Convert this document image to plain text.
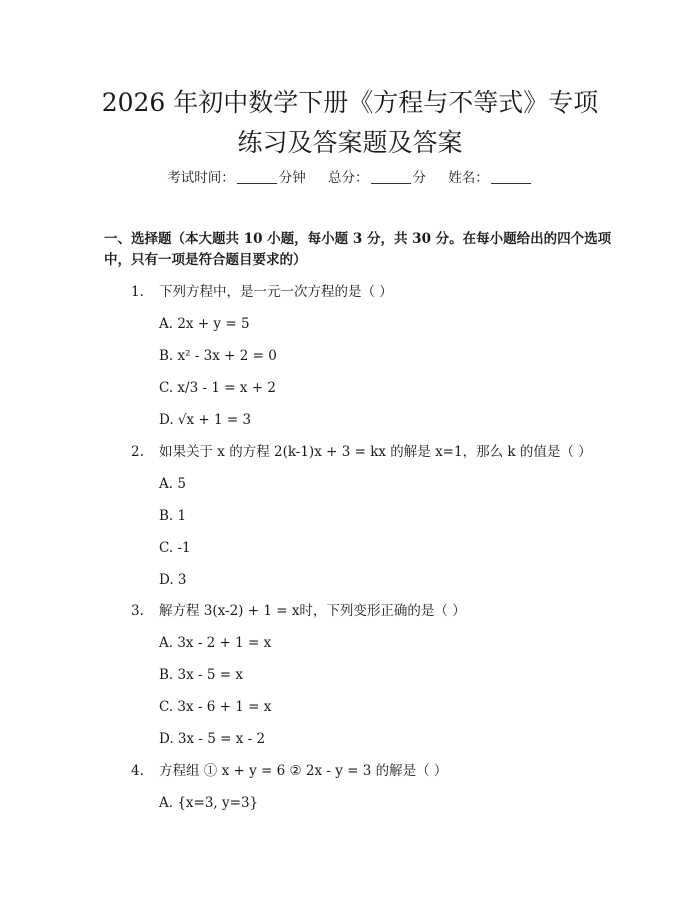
2026 年初中数学下册《方程与不等式》专项
练习及答案题及答案
考试时间：	分钟 总分：	分 姓名：
一、选择题（本大题共 10 小题，每小题 3 分，共 30 分。在每小题给出的四个选项中，只有一项是符合题目要求的）
1. 下列方程中，是一元一次方程的是（ ）
A. 2x + y = 5
B. x² - 3x + 2 = 0
C. x/3 - 1 = x + 2
D. √x + 1 = 3
2. 如果关于 x 的方程 2(k-1)x + 3 = kx 的解是 x=1，那么 k 的值是（ ）
A. 5
B. 1
C. -1
D. 3
3. 解方程 3(x-2) + 1 = x时，下列变形正确的是（ ）
A. 3x - 2 + 1 = x
B. 3x - 5 = x
C. 3x - 6 + 1 = x
D. 3x - 5 = x - 2
4. 方程组 ① x + y = 6 ② 2x - y = 3 的解是（ ）
A. {x=3, y=3}
